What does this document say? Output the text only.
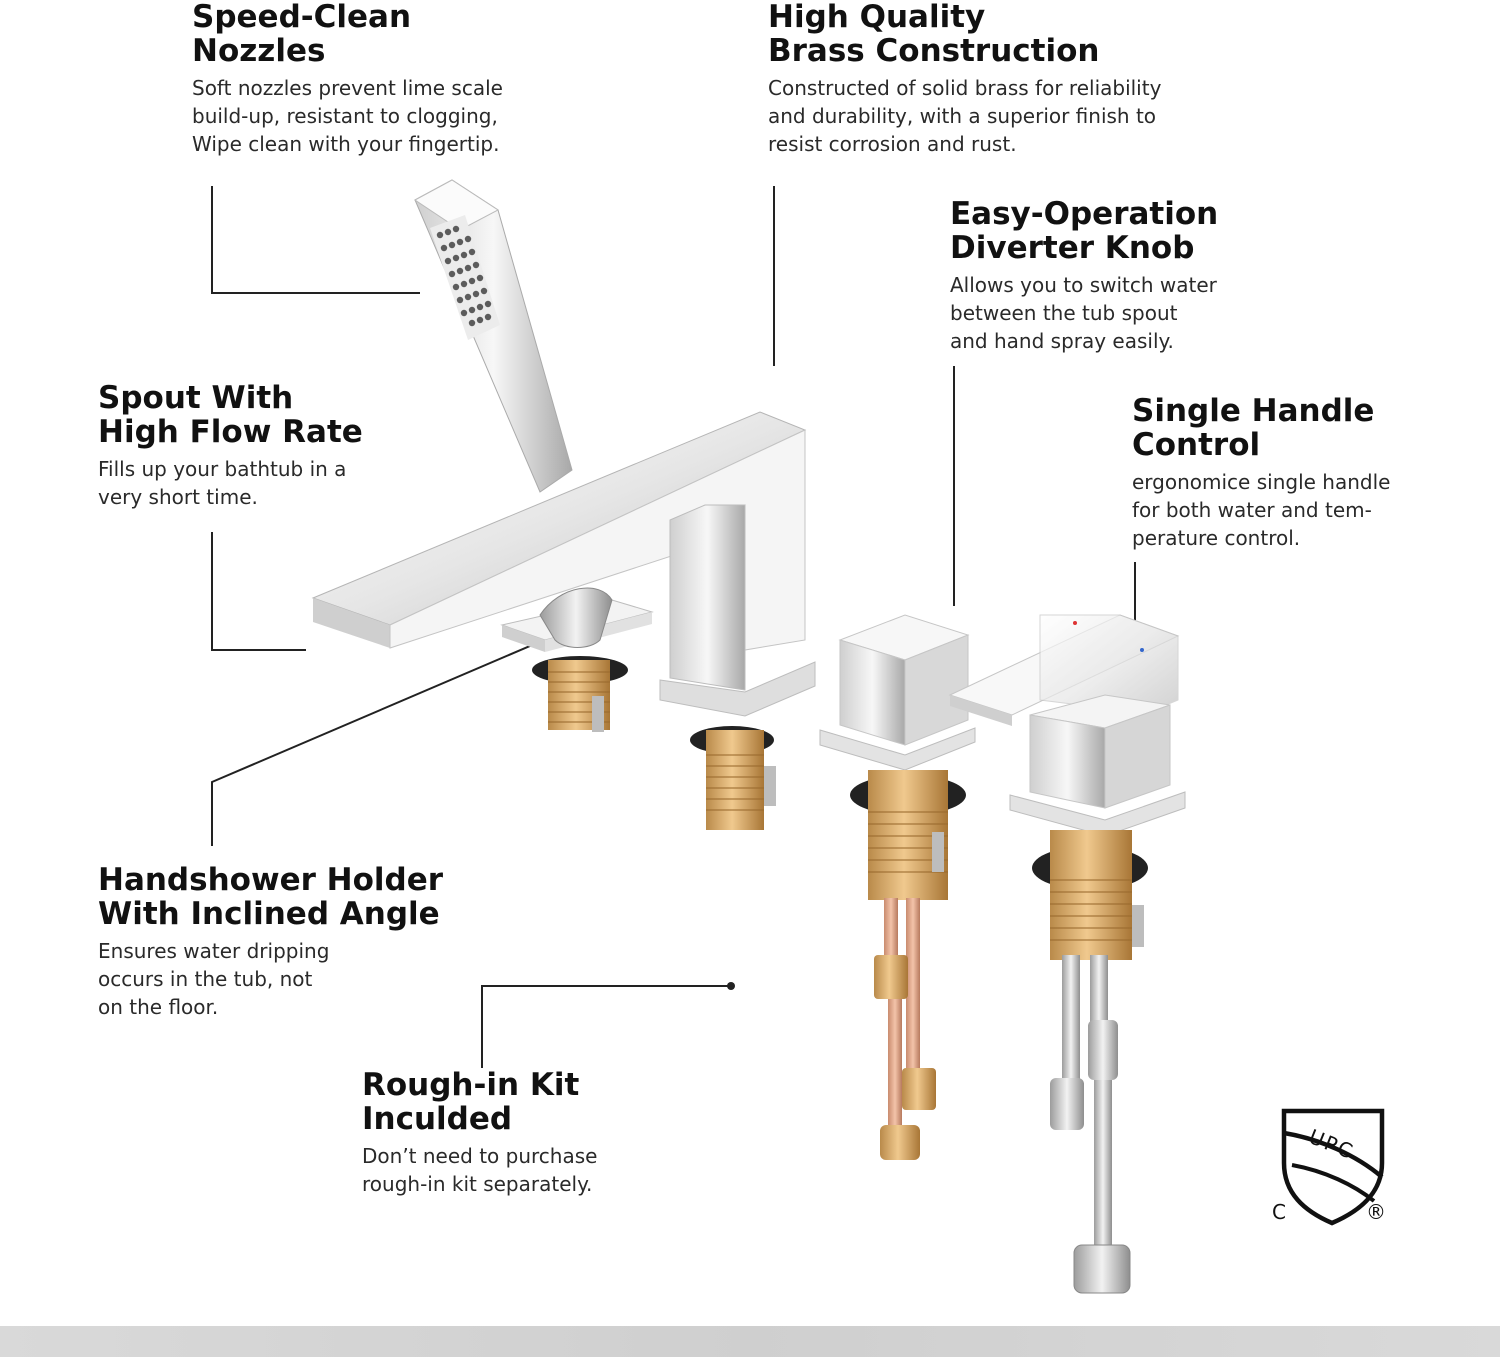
Speed-Clean
Nozzles
Soft nozzles prevent lime scale
build-up, resistant to clogging,
Wipe clean with your fingertip.
High Quality
Brass Construction
Constructed of solid brass for reliability
and durability, with a superior finish to
resist corrosion and rust.
Easy-Operation
Diverter Knob
Allows you to switch water
between the tub spout
and hand spray easily.
Single Handle
Control
ergonomice single handle
for both water and tem-
perature control.
Spout With
High Flow Rate
Fills up your bathtub in a
very short time.
Handshower Holder
With Inclined Angle
Ensures water dripping
occurs in the tub, not
on the floor.
Rough-in Kit
Inculded
Don’t need to purchase
rough-in kit separately.
UPC
C	®
